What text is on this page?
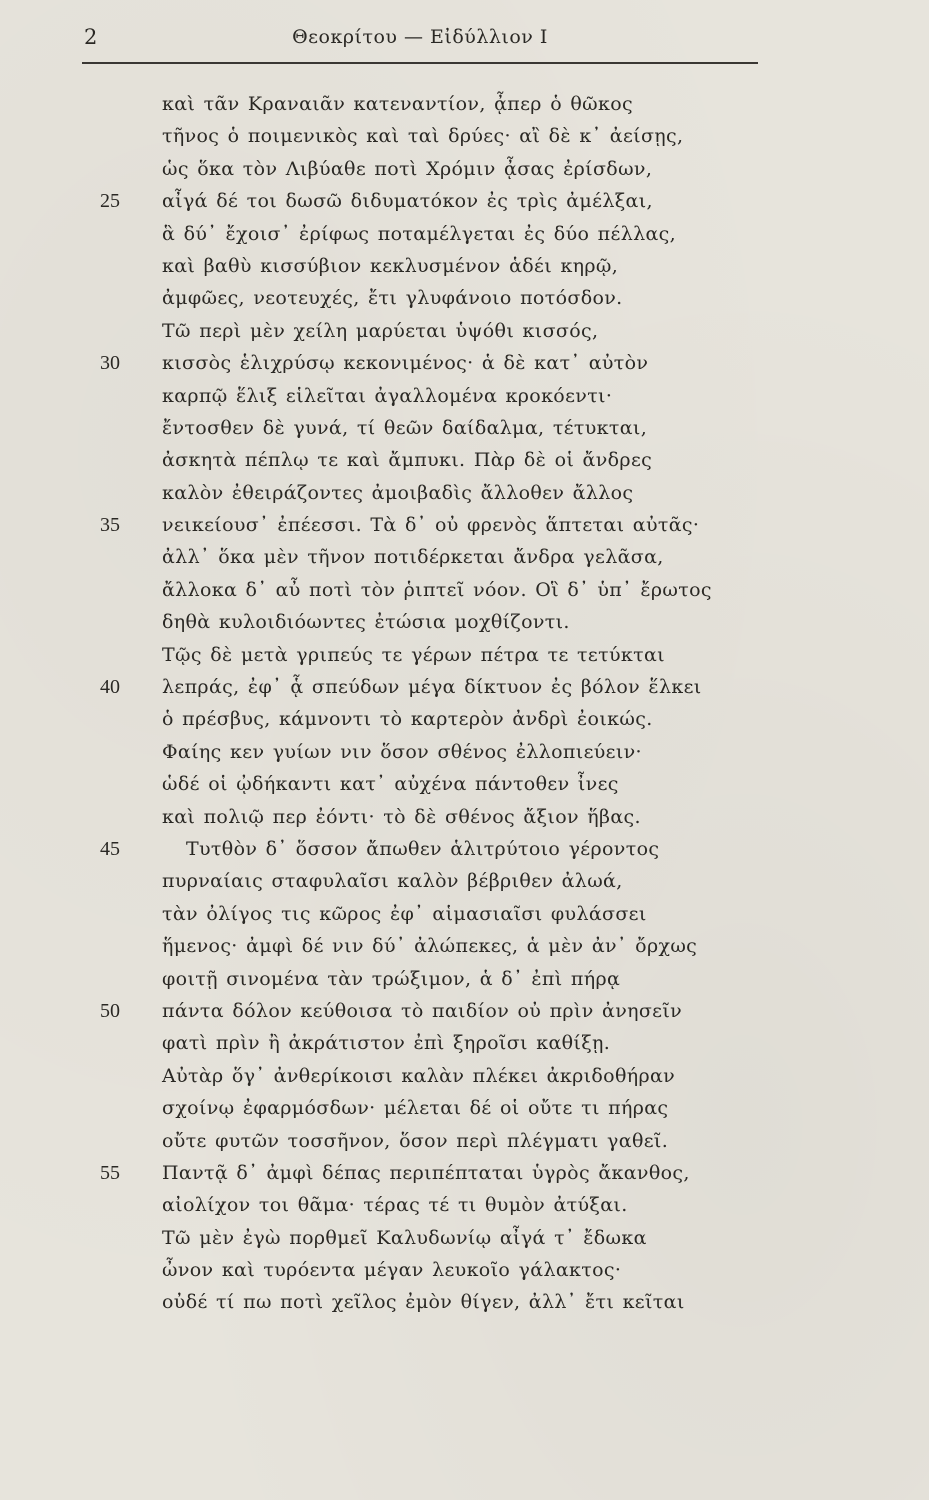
2	Θεοκρίτου — Εἰδύλλιον Ι
καὶ τᾶν Κραναιᾶν κατεναντίον, ᾆπερ ὁ θῶκος
τῆνος ὁ ποιμενικὸς καὶ ταὶ δρύες· αἲ δὲ κ᾽ ἀείσῃς,
ὡς ὅκα τὸν Λιβύαθε ποτὶ Χρόμιν ᾆσας ἐρίσδων,
25 αἶγά δέ τοι δωσῶ διδυματόκον ἐς τρὶς ἀμέλξαι,
ἃ δύ᾽ ἔχοισ᾽ ἐρίφως ποταμέλγεται ἐς δύο πέλλας,
καὶ βαθὺ κισσύβιον κεκλυσμένον ἁδέι κηρῷ,
ἀμφῶες, νεοτευχές, ἔτι γλυφάνοιο ποτόσδον.
Τῶ περὶ μὲν χείλη μαρύεται ὑψόθι κισσός,
30 κισσὸς ἑλιχρύσῳ κεκονιμένος· ἁ δὲ κατ᾽ αὐτὸν
καρπῷ ἕλιξ εἱλεῖται ἀγαλλομένα κροκόεντι·
ἔντοσθεν δὲ γυνά, τί θεῶν δαίδαλμα, τέτυκται,
ἀσκητὰ πέπλῳ τε καὶ ἄμπυκι. Πὰρ δὲ οἱ ἄνδρες
καλὸν ἐθειράζοντες ἀμοιβαδὶς ἄλλοθεν ἄλλος
35 νεικείουσ᾽ ἐπέεσσι. Τὰ δ᾽ οὐ φρενὸς ἅπτεται αὐτᾶς·
ἀλλ᾽ ὅκα μὲν τῆνον ποτιδέρκεται ἄνδρα γελᾶσα,
ἄλλοκα δ᾽ αὖ ποτὶ τὸν ῥιπτεῖ νόον. Οἳ δ᾽ ὑπ᾽ ἔρωτος
δηθὰ κυλοιδιόωντες ἐτώσια μοχθίζοντι.
Τῷς δὲ μετὰ γριπεύς τε γέρων πέτρα τε τετύκται
40 λεπράς, ἐφ᾽ ᾇ σπεύδων μέγα δίκτυον ἐς βόλον ἕλκει
ὁ πρέσβυς, κάμνοντι τὸ καρτερὸν ἀνδρὶ ἐοικώς.
Φαίης κεν γυίων νιν ὅσον σθένος ἐλλοπιεύειν·
ὡδέ οἱ ᾠδήκαντι κατ᾽ αὐχένα πάντοθεν ἶνες
καὶ πολιῷ περ ἐόντι· τὸ δὲ σθένος ἄξιον ἥβας.
45	Τυτθὸν δ᾽ ὅσσον ἄπωθεν ἁλιτρύτοιο γέροντος
πυρναίαις σταφυλαῖσι καλὸν βέβριθεν ἀλωά,
τὰν ὀλίγος τις κῶρος ἐφ᾽ αἱμασιαῖσι φυλάσσει
ἥμενος· ἀμφὶ δέ νιν δύ᾽ ἀλώπεκες, ἁ μὲν ἀν᾽ ὄρχως
φοιτῇ σινομένα τὰν τρώξιμον, ἁ δ᾽ ἐπὶ πήρᾳ
50 πάντα δόλον κεύθοισα τὸ παιδίον οὐ πρὶν ἀνησεῖν
φατὶ πρὶν ἢ ἀκράτιστον ἐπὶ ξηροῖσι καθίξῃ.
Αὐτὰρ ὅγ᾽ ἀνθερίκοισι καλὰν πλέκει ἀκριδοθήραν
σχοίνῳ ἐφαρμόσδων· μέλεται δέ οἱ οὔτε τι πήρας
οὔτε φυτῶν τοσσῆνον, ὅσον περὶ πλέγματι γαθεῖ.
55 Παντᾷ δ᾽ ἀμφὶ δέπας περιπέπταται ὑγρὸς ἄκανθος,
αἰολίχον τοι θᾶμα· τέρας τέ τι θυμὸν ἀτύξαι.
Τῶ μὲν ἐγὼ πορθμεῖ Καλυδωνίῳ αἶγά τ᾽ ἔδωκα
ὦνον καὶ τυρόεντα μέγαν λευκοῖο γάλακτος·
οὐδέ τί πω ποτὶ χεῖλος ἐμὸν θίγεν, ἀλλ᾽ ἔτι κεῖται
